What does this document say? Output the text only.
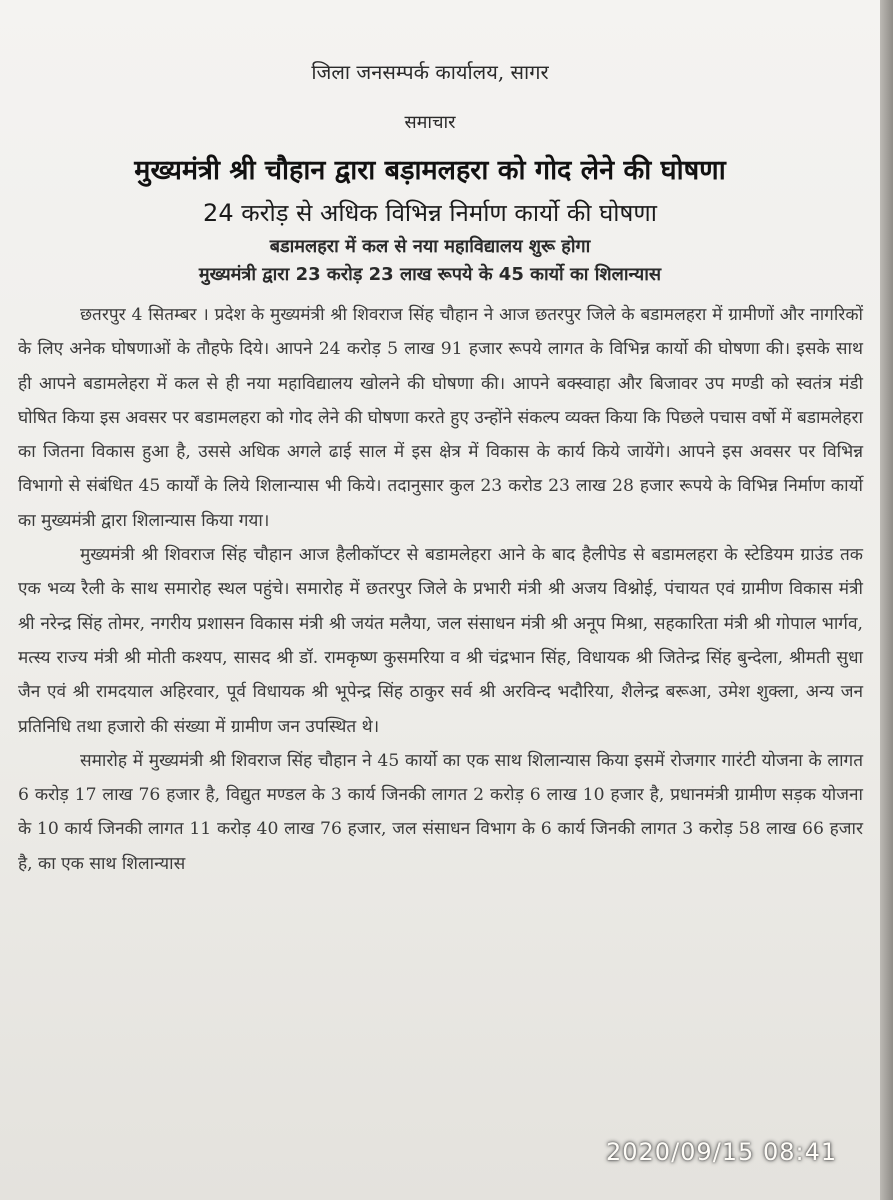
जिला जनसम्पर्क कार्यालय, सागर
समाचार
मुख्यमंत्री श्री चौहान द्वारा बड़ामलहरा को गोद लेने की घोषणा
24 करोड़ से अधिक विभिन्न निर्माण कार्यो की घोषणा
बडामलहरा में कल से नया महाविद्यालय शुरू होगा
मुख्यमंत्री द्वारा 23 करोड़ 23 लाख रूपये के 45 कार्यो का शिलान्यास

छतरपुर 4 सितम्बर । प्रदेश के मुख्यमंत्री श्री शिवराज सिंह चौहान ने आज छतरपुर जिले के बडामलहरा में ग्रामीणों और नागरिकों के लिए अनेक घोषणाओं के तौहफे दिये। आपने 24 करोड़ 5 लाख 91 हजार रूपये लागत के विभिन्न कार्यो की घोषणा की। इसके साथ ही आपने बडामलेहरा में कल से ही नया महाविद्यालय खोलने की घोषणा की। आपने बक्स्वाहा और बिजावर उप मण्डी को स्वतंत्र मंडी घोषित किया इस अवसर पर बडामलहरा को गोद लेने की घोषणा करते हुए उन्होंने संकल्प व्यक्त किया कि पिछले पचास वर्षो में बडामलेहरा का जितना विकास हुआ है, उससे अधिक अगले ढाई साल में इस क्षेत्र में विकास के कार्य किये जायेंगे। आपने इस अवसर पर विभिन्न विभागो से संबंधित 45 कार्यों के लिये शिलान्यास भी किये। तदानुसार कुल 23 करोड 23 लाख 28 हजार रूपये के विभिन्न निर्माण कार्यो का मुख्यमंत्री द्वारा शिलान्यास किया गया।

मुख्यमंत्री श्री शिवराज सिंह चौहान आज हैलीकॉप्टर से बडामलेहरा आने के बाद हैलीपेड से बडामलहरा के स्टेडियम ग्राउंड तक एक भव्य रैली के साथ समारोह स्थल पहुंचे। समारोह में छतरपुर जिले के प्रभारी मंत्री श्री अजय विश्नोई, पंचायत एवं ग्रामीण विकास मंत्री श्री नरेन्द्र सिंह तोमर, नगरीय प्रशासन विकास मंत्री श्री जयंत मलैया, जल संसाधन मंत्री श्री अनूप मिश्रा, सहकारिता मंत्री श्री गोपाल भार्गव, मत्स्य राज्य मंत्री श्री मोती कश्यप, सासद श्री डॉ. रामकृष्ण कुसमरिया व श्री चंद्रभान सिंह, विधायक श्री जितेन्द्र सिंह बुन्देला, श्रीमती सुधा जैन एवं श्री रामदयाल अहिरवार, पूर्व विधायक श्री भूपेन्द्र सिंह ठाकुर सर्व श्री अरविन्द भदौरिया, शैलेन्द्र बरूआ, उमेश शुक्ला, अन्य जन प्रतिनिधि तथा हजारो की संख्या में ग्रामीण जन उपस्थित थे।

समारोह में मुख्यमंत्री श्री शिवराज सिंह चौहान ने 45 कार्यो का एक साथ शिलान्यास किया इसमें रोजगार गारंटी योजना के लागत 6 करोड़ 17 लाख 76 हजार है, विद्युत मण्डल के 3 कार्य जिनकी लागत 2 करोड़ 6 लाख 10 हजार है, प्रधानमंत्री ग्रामीण सड़क योजना के 10 कार्य जिनकी लागत 11 करोड़ 40 लाख 76 हजार, जल संसाधन विभाग के 6 कार्य जिनकी लागत 3 करोड़ 58 लाख 66 हजार है, का एक साथ शिलान्यास

2020/09/15 08:41
